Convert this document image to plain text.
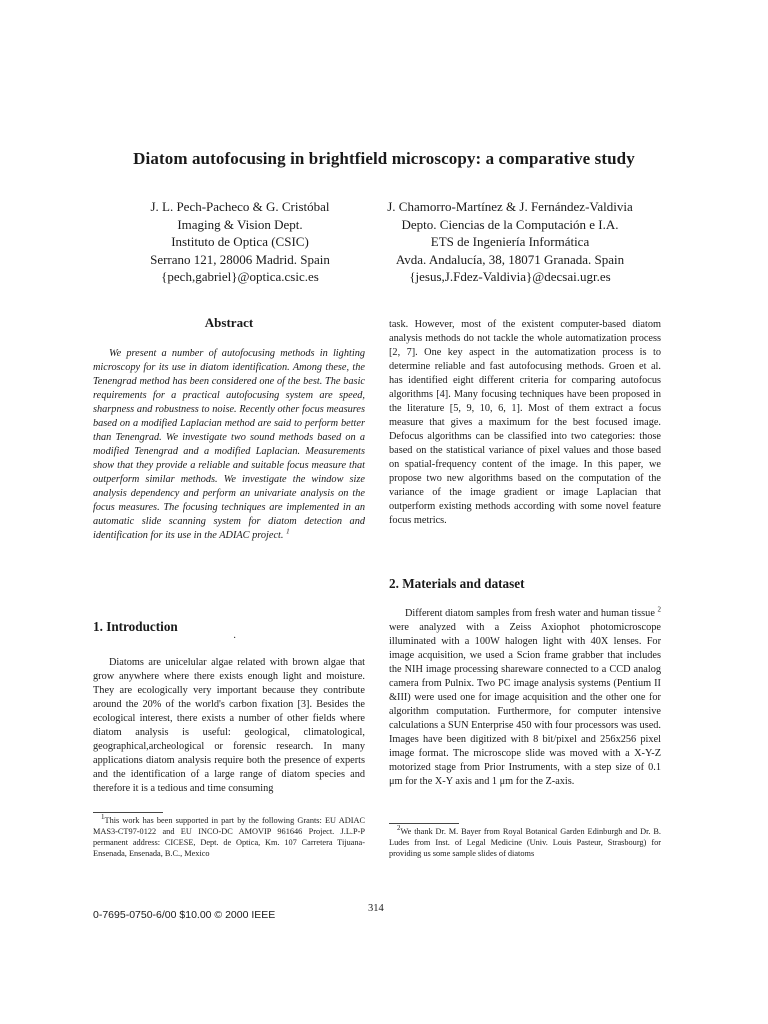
Diatom autofocusing in brightfield microscopy: a comparative study
J. L. Pech-Pacheco & G. Cristóbal
Imaging & Vision Dept.
Instituto de Optica (CSIC)
Serrano 121, 28006 Madrid. Spain
{pech,gabriel}@optica.csic.es
J. Chamorro-Martínez & J. Fernández-Valdivia
Depto. Ciencias de la Computación e I.A.
ETS de Ingeniería Informática
Avda. Andalucía, 38, 18071 Granada. Spain
{jesus,J.Fdez-Valdivia}@decsai.ugr.es
Abstract

We present a number of autofocusing methods in lighting microscopy for its use in diatom identification. Among these, the Tenengrad method has been considered one of the best. The basic requirements for a practical autofocusing system are speed, sharpness and robustness to noise. Recently other focus measures based on a modified Laplacian method are said to perform better than Tenengrad. We investigate two sound methods based on a modified Tenengrad and a modified Laplacian. Measurements show that they provide a reliable and suitable focus measure that outperform similar methods. We investigate the window size analysis dependency and perform an univariate analysis on the focus measures. The focusing techniques are implemented in an automatic slide scanning system for diatom detection and identification for its use in the ADIAC project. $^1$

1. Introduction
·

Diatoms are unicelular algae related with brown algae that grow anywhere where there exists enough light and moisture. They are ecologically very important because they contribute around the 20% of the world's carbon fixation [3]. Besides the ecological interest, there exists a number of other fields where diatom analysis is useful: geological, climatological, geographical,archeological or forensic research. In many applications diatom analysis require both the presence of experts and the identification of a large range of diatom species and therefore it is a tedious and time consuming

task. However, most of the existent computer-based diatom analysis methods do not tackle the whole automatization process [2, 7]. One key aspect in the automatization process is to determine reliable and fast autofocusing methods. Groen et al. has identified eight different criteria for comparing autofocus algorithms [4]. Many focusing techniques have been proposed in the literature [5, 9, 10, 6, 1]. Most of them extract a focus measure that gives a maximum for the best focused image. Defocus algorithms can be classified into two categories: those based on the statistical variance of pixel values and those based on spatial-frequency content of the image. In this paper, we propose two new algorithms based on the computation of the variance of the image gradient or image Laplacian that outperform existing methods according with some novel feature focus metrics.

2. Materials and dataset

Different diatom samples from fresh water and human tissue $^2$ were analyzed with a Zeiss Axiophot photomicroscope illuminated with a 100W halogen light with 40X lenses. For image acquisition, we used a Scion frame grabber that includes the NIH image processing shareware connected to a CCD analog camera from Pulnix. Two PC image analysis systems (Pentium II &III) were used one for image acquisition and the other one for algorithm computation. Furthermore, for computer intensive calculations a SUN Enterprise 450 with four processors was used. Images have been digitized with 8 bit/pixel and 256x256 pixel image format. The microscope slide was moved with a X-Y-Z motorized stage from Prior Instruments, with a step size of 0.1 μm for the X-Y axis and 1 μm for the Z-axis.

$^1$This work has been supported in part by the following Grants: EU ADIAC MAS3-CT97-0122 and EU INCO-DC AMOVIP 961646 Project. J.L.P-P permanent address: CICESE, Dept. de Optica, Km. 107 Carretera Tijuana-Ensenada, Ensenada, B.C., Mexico

$^2$We thank Dr. M. Bayer from Royal Botanical Garden Edinburgh and Dr. B. Ludes from Inst. of Legal Medicine (Univ. Louis Pasteur, Strasbourg) for providing us some sample slides of diatoms

314
0-7695-0750-6/00 $10.00 © 2000 IEEE
